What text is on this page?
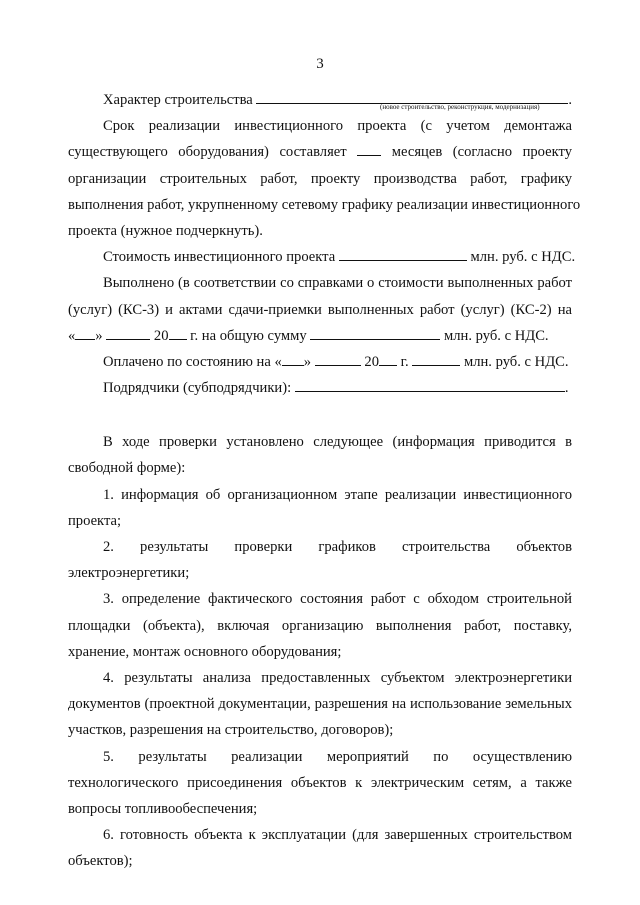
3
Характер строительства	.
(новое строительство, реконструкция, модернизация)
Срок реализации инвестиционного проекта (с учетом демонтажа
существующего оборудования) составляет	месяцев (согласно проекту
организации строительных работ, проекту производства работ, графику
выполнения работ, укрупненному сетевому графику реализации инвестиционного
проекта (нужное подчеркнуть).
Стоимость инвестиционного проекта	млн. руб. с НДС.
Выполнено (в соответствии со справками о стоимости выполненных работ
(услуг) (КС-3) и актами сдачи-приемки выполненных работ (услуг) (КС-2) на
« »	20 г. на общую сумму	млн. руб. с НДС.
Оплачено по состоянию на « »	20 г.	млн. руб. с НДС.
Подрядчики (субподрядчики):	.
В ходе проверки установлено следующее (информация приводится в
свободной форме):
1. информация об организационном этапе реализации инвестиционного
проекта;
2. результаты проверки графиков строительства объектов
электроэнергетики;
3. определение фактического состояния работ с обходом строительной
площадки (объекта), включая организацию выполнения работ, поставку,
хранение, монтаж основного оборудования;
4. результаты анализа предоставленных субъектом электроэнергетики
документов (проектной документации, разрешения на использование земельных
участков, разрешения на строительство, договоров);
5. результаты реализации мероприятий по осуществлению
технологического присоединения объектов к электрическим сетям, а также
вопросы топливообеспечения;
6. готовность объекта к эксплуатации (для завершенных строительством
объектов);
